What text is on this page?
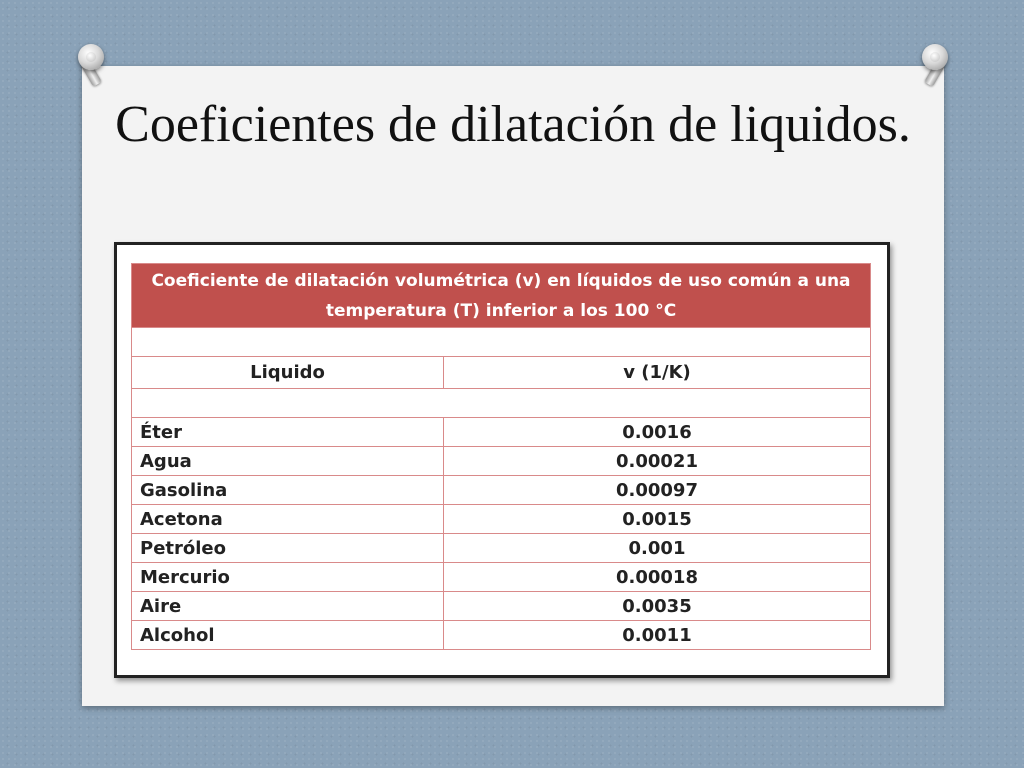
Coeficientes de dilatación de liquidos.
Coeficiente de dilatación volumétrica (v) en líquidos de uso común a una temperatura (T) inferior a los 100 °C	

Liquido	v (1/K)

Éter	0.0016
Agua	0.00021
Gasolina	0.00097
Acetona	0.0015
Petróleo	0.001
Mercurio	0.00018
Aire	0.0035
Alcohol	0.0011
